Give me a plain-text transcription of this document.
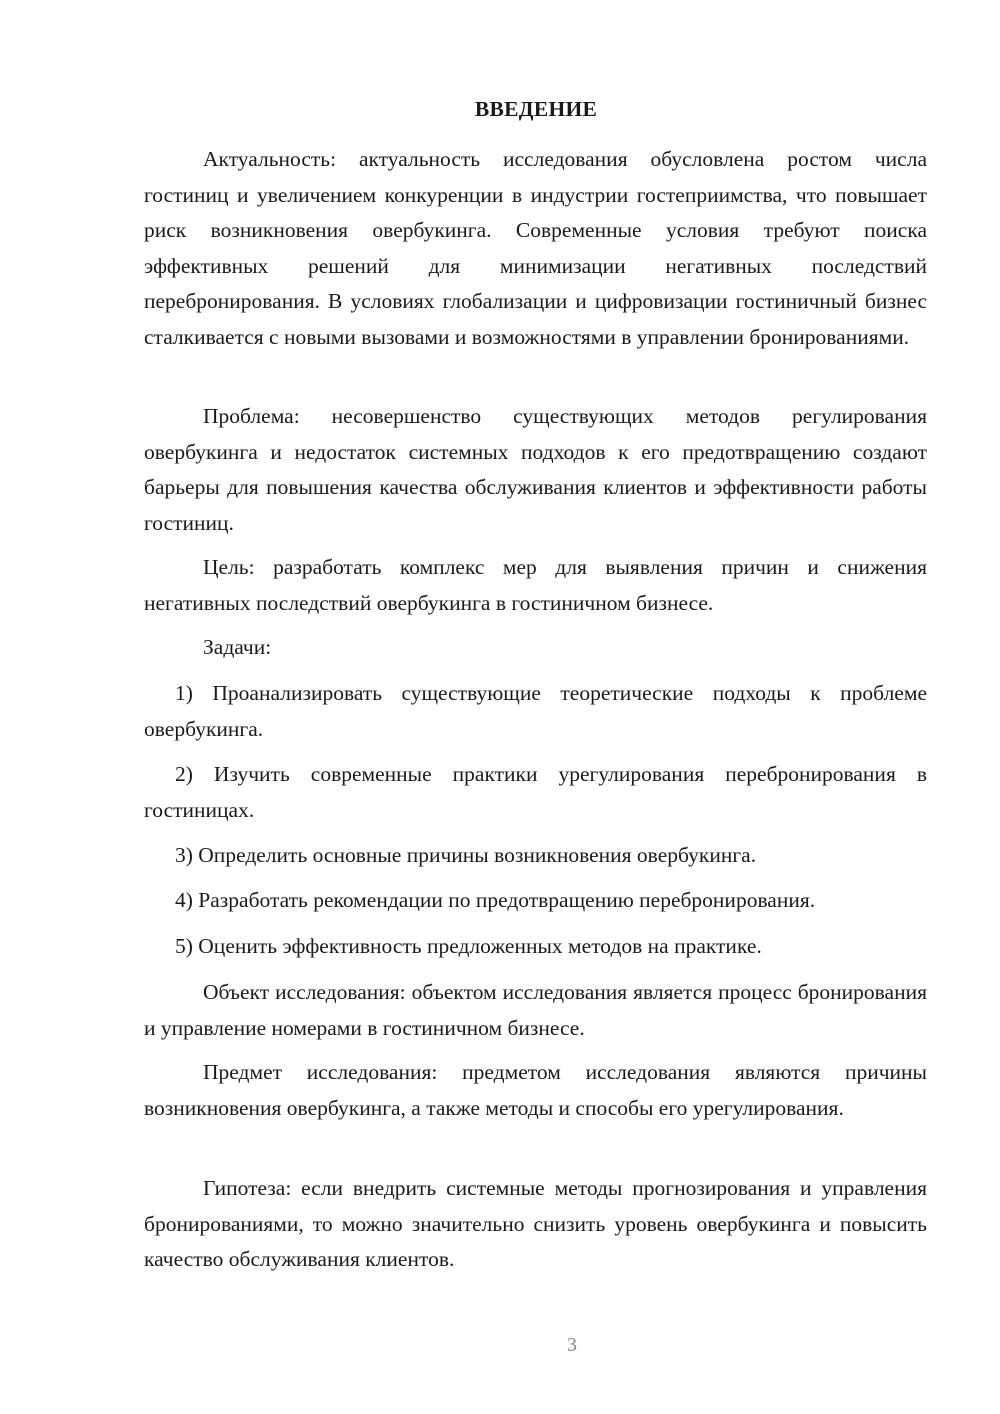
ВВЕДЕНИЕ

Актуальность: актуальность исследования обусловлена ростом числа гостиниц и увеличением конкуренции в индустрии гостеприимства, что повышает риск возникновения овербукинга. Современные условия требуют поиска эффективных решений для минимизации негативных последствий перебронирования. В условиях глобализации и цифровизации гостиничный бизнес сталкивается с новыми вызовами и возможностями в управлении бронированиями.

Проблема: несовершенство существующих методов регулирования овербукинга и недостаток системных подходов к его предотвращению создают барьеры для повышения качества обслуживания клиентов и эффективности работы гостиниц.

Цель: разработать комплекс мер для выявления причин и снижения негативных последствий овербукинга в гостиничном бизнесе.

Задачи:

1) Проанализировать существующие теоретические подходы к проблеме овербукинга.

2) Изучить современные практики урегулирования перебронирования в гостиницах.

3) Определить основные причины возникновения овербукинга.

4) Разработать рекомендации по предотвращению перебронирования.

5) Оценить эффективность предложенных методов на практике.

Объект исследования: объектом исследования является процесс бронирования и управление номерами в гостиничном бизнесе.

Предмет исследования: предметом исследования являются причины возникновения овербукинга, а также методы и способы его урегулирования.

Гипотеза: если внедрить системные методы прогнозирования и управления бронированиями, то можно значительно снизить уровень овербукинга и повысить качество обслуживания клиентов.

3
